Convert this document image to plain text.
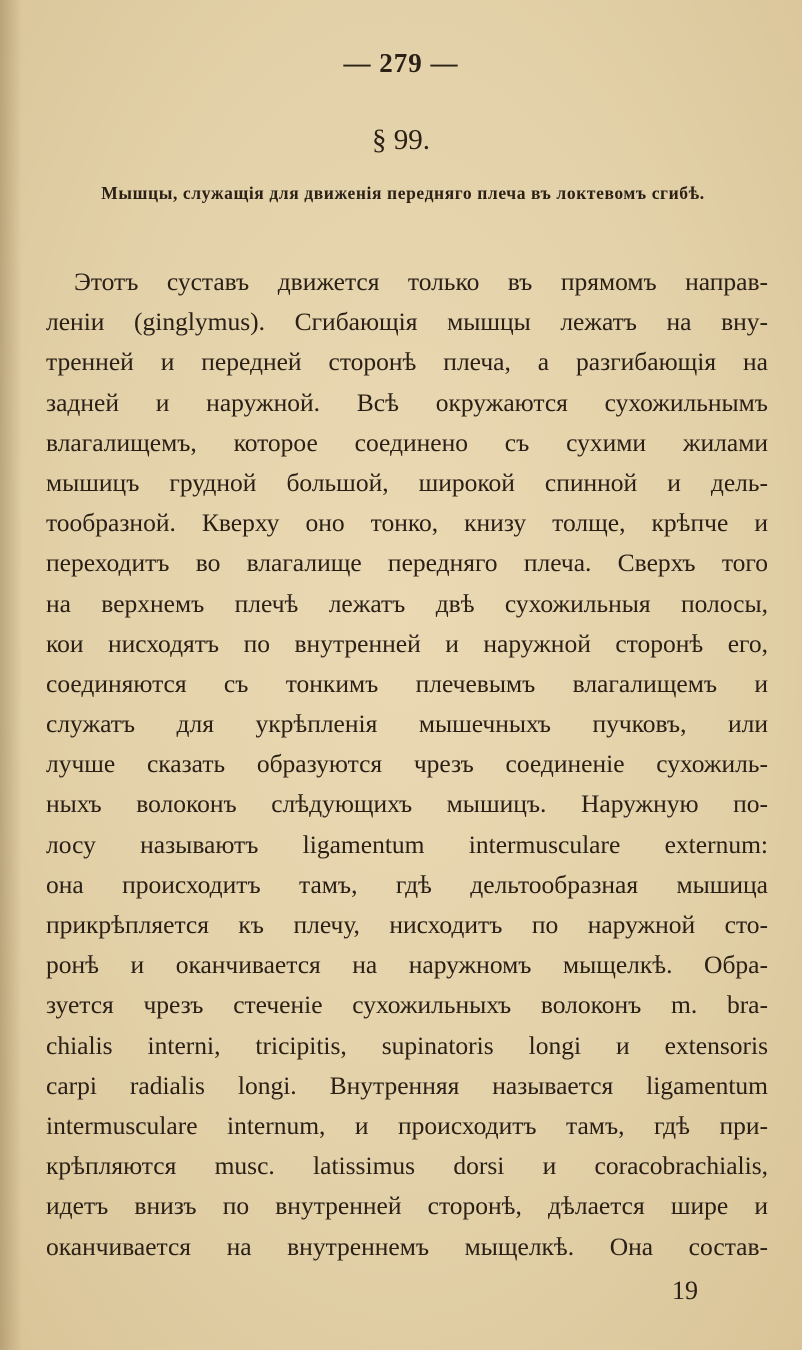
— 279 —
§ 99.
Мышцы, служащія для движенія передняго плеча въ локтевомъ сгибѣ.
Этотъ суставъ движется только въ прямомъ направ-
леніи (ginglymus). Сгибающія мышцы лежатъ на вну-
тренней и передней сторонѣ плеча, а разгибающія на
задней и наружной. Всѣ окружаются сухожильнымъ
влагалищемъ, которое соединено съ сухими жилами
мышицъ грудной большой, широкой спинной и дель-
тообразной. Кверху оно тонко, книзу толще, крѣпче и
переходитъ во влагалище передняго плеча. Сверхъ того
на верхнемъ плечѣ лежатъ двѣ сухожильныя полосы,
кои нисходятъ по внутренней и наружной сторонѣ его,
соединяются съ тонкимъ плечевымъ влагалищемъ и
служатъ для укрѣпленія мышечныхъ пучковъ, или
лучше сказать образуются чрезъ соединеніе сухожиль-
ныхъ волоконъ слѣдующихъ мышицъ. Наружную по-
лосу называютъ ligamentum intermusculare externum:
она происходитъ тамъ, гдѣ дельтообразная мышица
прикрѣпляется къ плечу, нисходитъ по наружной сто-
ронѣ и оканчивается на наружномъ мыщелкѣ. Обра-
зуется чрезъ стеченіе сухожильныхъ волоконъ m. bra-
chialis interni, tricipitis, supinatoris longi и extensoris
carpi radialis longi. Внутренняя называется ligamentum
intermusculare internum, и происходитъ тамъ, гдѣ при-
крѣпляются musc. latissimus dorsi и coracobrachialis,
идетъ внизъ по внутренней сторонѣ, дѣлается шире и
оканчивается на внутреннемъ мыщелкѣ. Она состав-
19
